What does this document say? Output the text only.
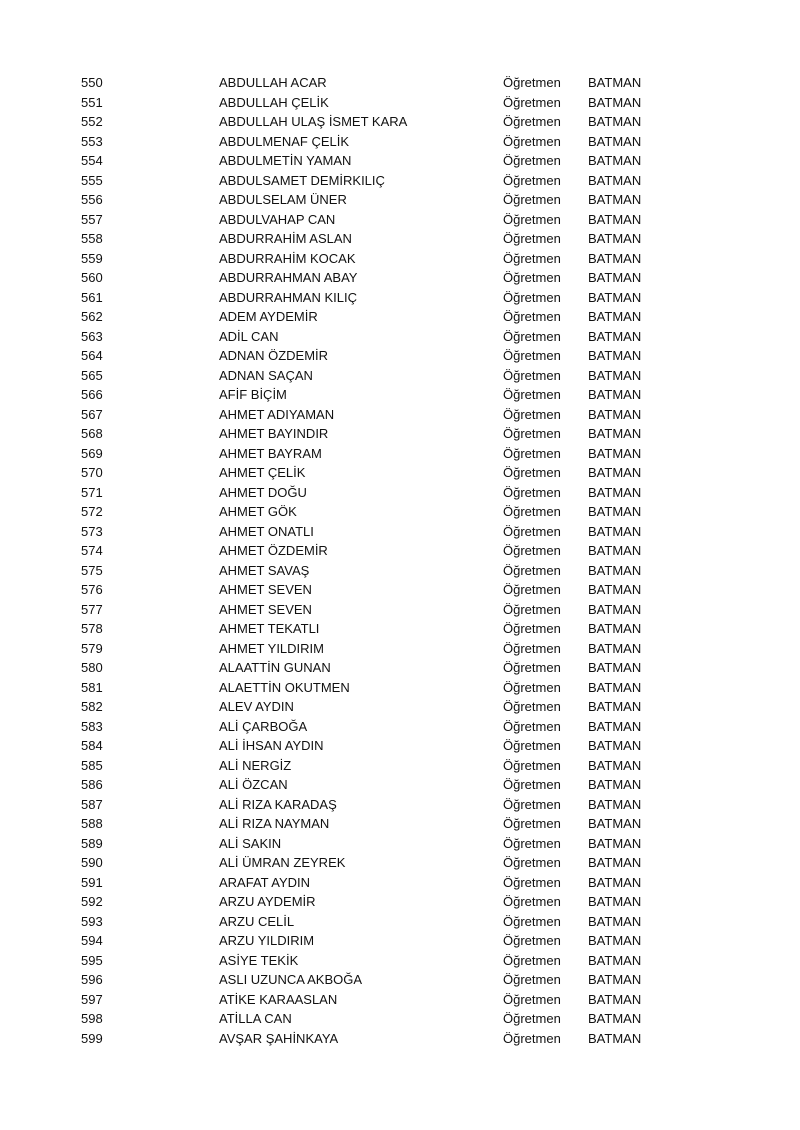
550	ABDULLAH ACAR	Öğretmen BATMAN
551	ABDULLAH ÇELİK	Öğretmen BATMAN
552	ABDULLAH ULAŞ İSMET KARA	Öğretmen BATMAN
553	ABDULMENAF ÇELİK	Öğretmen BATMAN
554	ABDULMETİN YAMAN	Öğretmen BATMAN
555	ABDULSAMET DEMİRKILIÇ	Öğretmen BATMAN
556	ABDULSELAM ÜNER	Öğretmen BATMAN
557	ABDULVAHAP CAN	Öğretmen BATMAN
558	ABDURRAHİM ASLAN	Öğretmen BATMAN
559	ABDURRAHİM KOCAK	Öğretmen BATMAN
560	ABDURRAHMAN ABAY	Öğretmen BATMAN
561	ABDURRAHMAN KILIÇ	Öğretmen BATMAN
562	ADEM AYDEMİR	Öğretmen BATMAN
563	ADİL CAN	Öğretmen BATMAN
564	ADNAN ÖZDEMİR	Öğretmen BATMAN
565	ADNAN SAÇAN	Öğretmen BATMAN
566	AFİF BİÇİM	Öğretmen BATMAN
567	AHMET ADIYAMAN	Öğretmen BATMAN
568	AHMET BAYINDIR	Öğretmen BATMAN
569	AHMET BAYRAM	Öğretmen BATMAN
570	AHMET ÇELİK	Öğretmen BATMAN
571	AHMET DOĞU	Öğretmen BATMAN
572	AHMET GÖK	Öğretmen BATMAN
573	AHMET ONATLI	Öğretmen BATMAN
574	AHMET ÖZDEMİR	Öğretmen BATMAN
575	AHMET SAVAŞ	Öğretmen BATMAN
576	AHMET SEVEN	Öğretmen BATMAN
577	AHMET SEVEN	Öğretmen BATMAN
578	AHMET TEKATLI	Öğretmen BATMAN
579	AHMET YILDIRIM	Öğretmen BATMAN
580	ALAATTİN GUNAN	Öğretmen BATMAN
581	ALAETTİN OKUTMEN	Öğretmen BATMAN
582	ALEV AYDIN	Öğretmen BATMAN
583	ALİ ÇARBOĞA	Öğretmen BATMAN
584	ALİ İHSAN AYDIN	Öğretmen BATMAN
585	ALİ NERGİZ	Öğretmen BATMAN
586	ALİ ÖZCAN	Öğretmen BATMAN
587	ALİ RIZA KARADAŞ	Öğretmen BATMAN
588	ALİ RIZA NAYMAN	Öğretmen BATMAN
589	ALİ SAKIN	Öğretmen BATMAN
590	ALİ ÜMRAN ZEYREK	Öğretmen BATMAN
591	ARAFAT AYDIN	Öğretmen BATMAN
592	ARZU AYDEMİR	Öğretmen BATMAN
593	ARZU CELİL	Öğretmen BATMAN
594	ARZU YILDIRIM	Öğretmen BATMAN
595	ASİYE TEKİK	Öğretmen BATMAN
596	ASLI UZUNCA AKBOĞA	Öğretmen BATMAN
597	ATİKE KARAASLAN	Öğretmen BATMAN
598	ATİLLA CAN	Öğretmen BATMAN
599	AVŞAR ŞAHİNKAYA	Öğretmen BATMAN
